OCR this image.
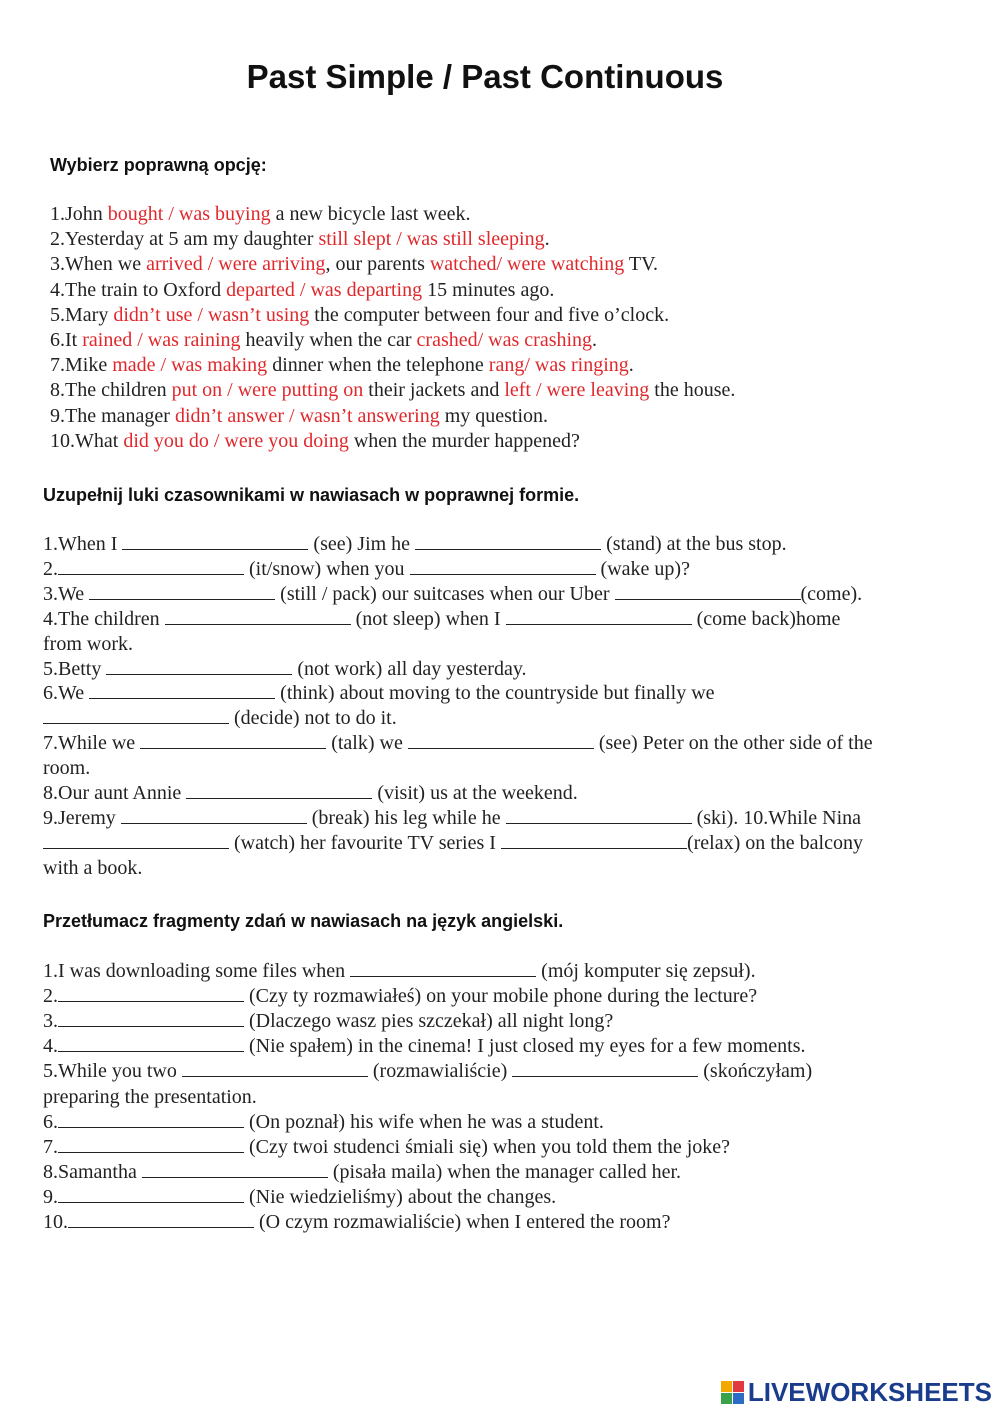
Past Simple / Past Continuous
Wybierz poprawną opcję:
1.John bought / was buying a new bicycle last week.
2.Yesterday at 5 am my daughter still slept / was still sleeping.
3.When we arrived / were arriving, our parents watched/ were watching TV.
4.The train to Oxford departed / was departing 15 minutes ago.
5.Mary didn’t use / wasn’t using the computer between four and five o’clock.
6.It rained / was raining heavily when the car crashed/ was crashing.
7.Mike made / was making dinner when the telephone rang/ was ringing.
8.The children put on / were putting on their jackets and left / were leaving the house.
9.The manager didn’t answer / wasn’t answering my question.
10.What did you do / were you doing when the murder happened?
Uzupełnij luki czasownikami w nawiasach w poprawnej formie.
1.When I	(see) Jim he	(stand) at the bus stop.
2.	(it/snow) when you	(wake up)?
3.We	(still / pack) our suitcases when our Uber	(come).
4.The children	(not sleep) when I	(come back)home
from work.
5.Betty	(not work) all day yesterday.
6.We	(think) about moving to the countryside but finally we
(decide) not to do it.
7.While we	(talk) we	(see) Peter on the other side of the
room.
8.Our aunt Annie	(visit) us at the weekend.
9.Jeremy	(break) his leg while he	(ski). 10.While Nina
(watch) her favourite TV series I	(relax) on the balcony
with a book.
Przetłumacz fragmenty zdań w nawiasach na język angielski.
1.I was downloading some files when	(mój komputer się zepsuł).
2.	(Czy ty rozmawiałeś) on your mobile phone during the lecture?
3.	(Dlaczego wasz pies szczekał) all night long?
4.	(Nie spałem) in the cinema! I just closed my eyes for a few moments.
5.While you two	(rozmawialiście)	(skończyłam)
preparing the presentation.
6.	(On poznał) his wife when he was a student.
7.	(Czy twoi studenci śmiali się) when you told them the joke?
8.Samantha	(pisała maila) when the manager called her.
9.	(Nie wiedzieliśmy) about the changes.
10.	(O czym rozmawialiście) when I entered the room?
LIVEWORKSHEETS
